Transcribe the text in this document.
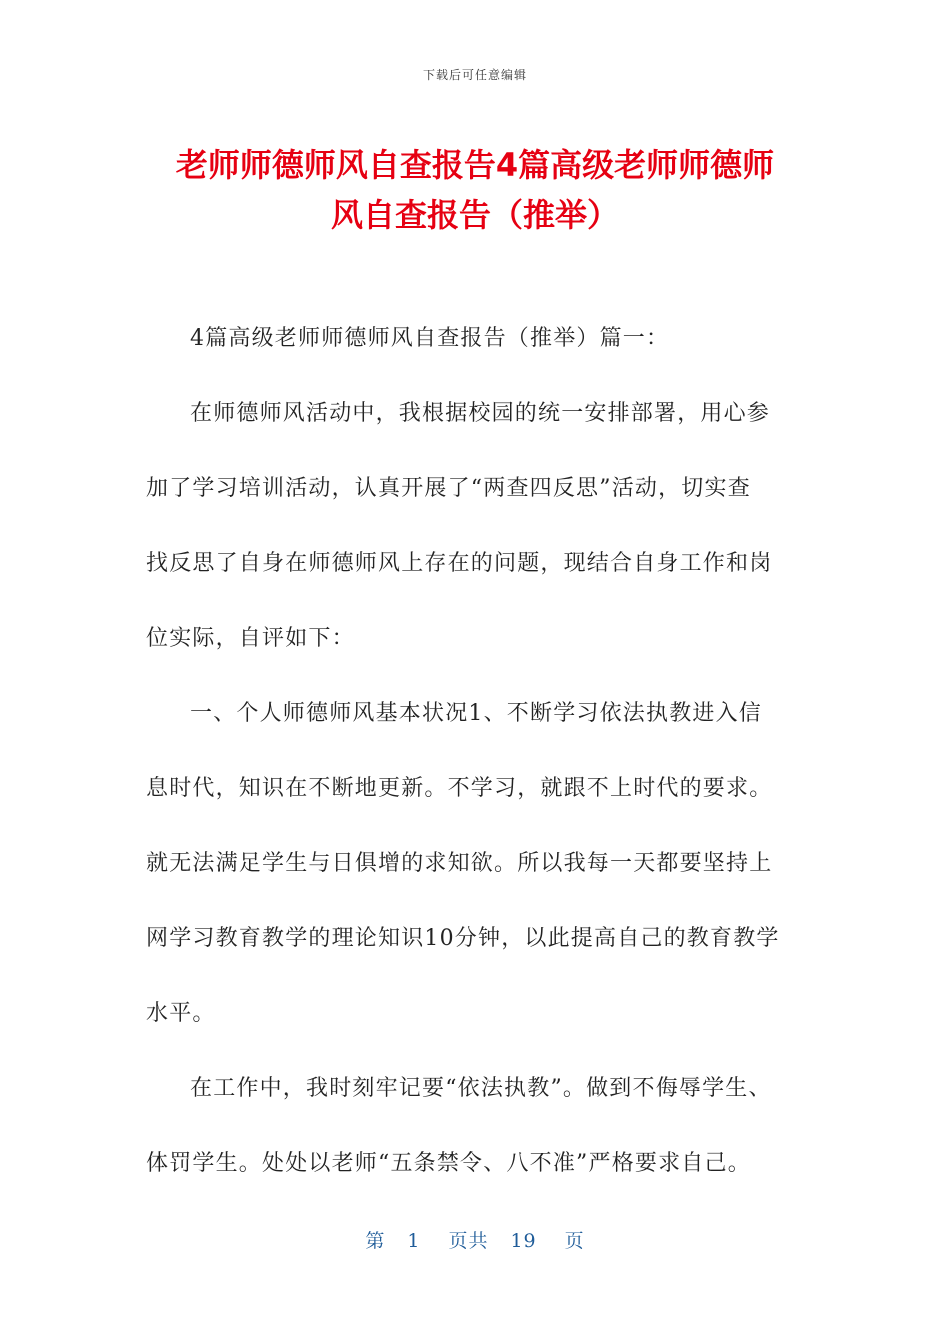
下载后可任意编辑
老师师德师风自查报告4篇高级老师师德师
风自查报告（推举）
4篇高级老师师德师风自查报告（推举）篇一：
在师德师风活动中，我根据校园的统一安排部署，用心参
加了学习培训活动，认真开展了“两查四反思”活动，切实查
找反思了自身在师德师风上存在的问题，现结合自身工作和岗
位实际，自评如下：
一、个人师德师风基本状况1、不断学习依法执教进入信
息时代，知识在不断地更新。不学习，就跟不上时代的要求。
就无法满足学生与日俱增的求知欲。所以我每一天都要坚持上
网学习教育教学的理论知识10分钟，以此提高自己的教育教学
水平。
在工作中，我时刻牢记要“依法执教”。做到不侮辱学生、
体罚学生。处处以老师“五条禁令、八不准”严格要求自己。
第 1 页共 19 页
